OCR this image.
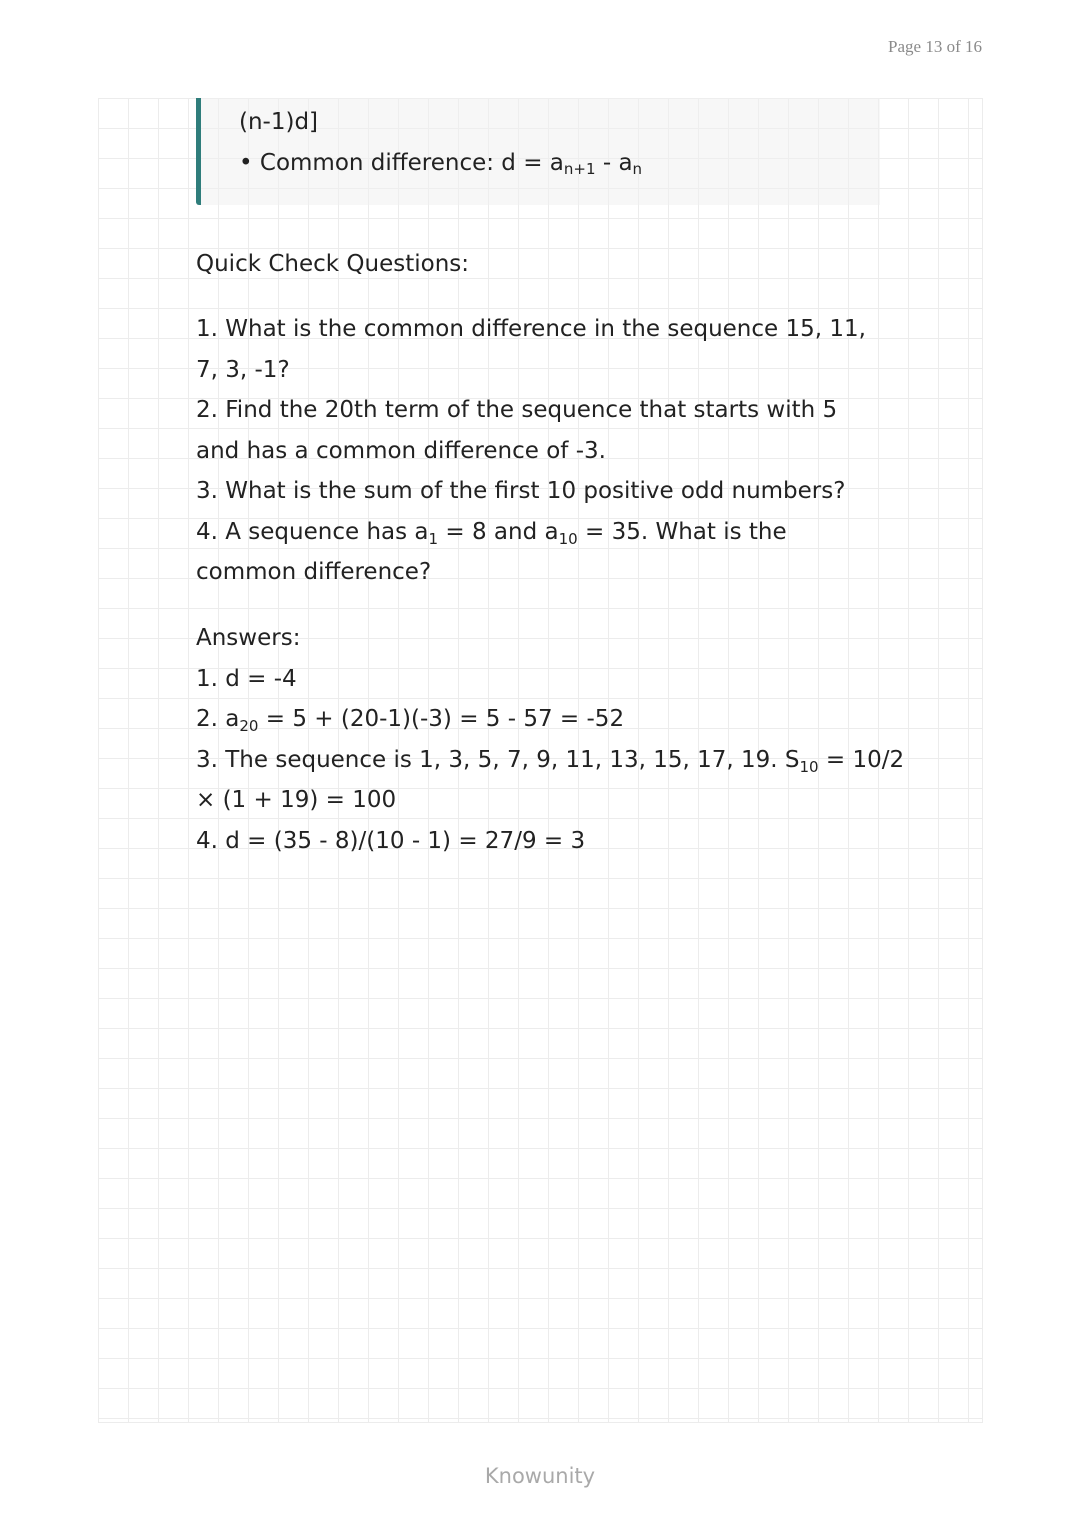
Page 13 of 16
(n-1)d]
• Common difference: $d = a_{n+1} - a_n$
Quick Check Questions:
1. What is the common difference in the sequence 15, 11,
7, 3, -1?
2. Find the 20th term of the sequence that starts with 5
and has a common difference of -3.
3. What is the sum of the first 10 positive odd numbers?
4. A sequence has $a_1 = 8$ and $a_{10} = 35$. What is the
common difference?
Answers:
1. d = -4
2. $a_{20} = 5 + (20-1)(-3) = 5 - 57 = -52$
3. The sequence is 1, 3, 5, 7, 9, 11, 13, 15, 17, 19. $S_{10} = 10/2$
× (1 + 19) = 100
4. d = (35 - 8)/(10 - 1) = 27/9 = 3
Knowunity
